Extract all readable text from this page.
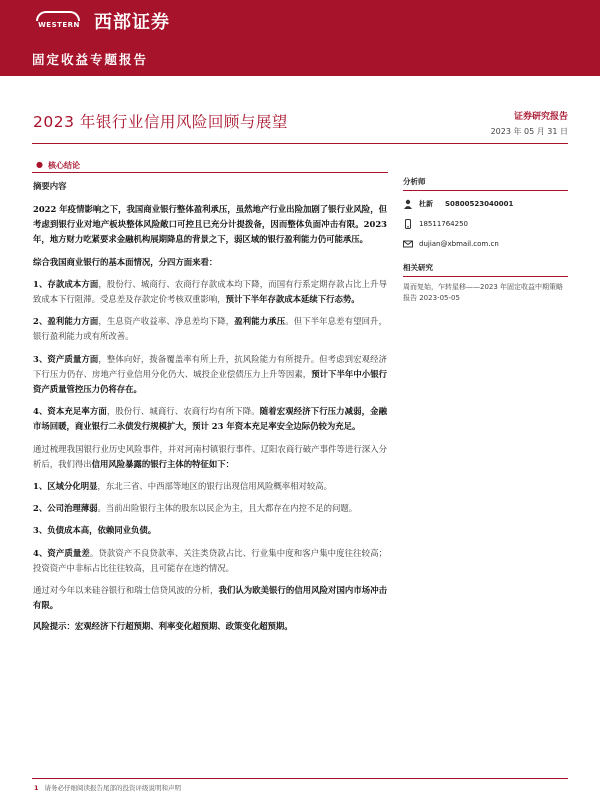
WESTERN 西部证券
固定收益专题报告
2023 年银行业信用风险回顾与展望	证券研究报告
2023 年 05 月 31 日
● 核心结论
摘要内容
2022 年疫情影响之下，我国商业银行整体盈利承压，虽然地产行业出险加剧了银行业风险，但考虑到银行业对地产板块整体风险敞口可控且已充分计提拨备，因而整体负面冲击有限。2023 年，地方财力吃紧要求金融机构展期降息的背景之下，弱区域的银行盈利能力仍可能承压。
综合我国商业银行的基本面情况，分四方面来看：
1、存款成本方面，股份行、城商行、农商行存款成本均下降，而国有行系定期存款占比上升导致成本下行阻滞。受息差及存款定价考核双重影响，预计下半年存款成本延续下行态势。
2、盈利能力方面，生息资产收益率、净息差均下降，盈利能力承压。但下半年息差有望回升，银行盈利能力或有所改善。
3、资产质量方面，整体向好，拨备覆盖率有所上升，抗风险能力有所提升。但考虑到宏观经济下行压力仍存、房地产行业信用分化仍大、城投企业偿债压力上升等因素，预计下半年中小银行资产质量管控压力仍将存在。
4、资本充足率方面，股份行、城商行、农商行均有所下降。随着宏观经济下行压力减弱，金融市场回暖，商业银行二永债发行规模扩大，预计 23 年资本充足率安全边际仍较为充足。
通过梳理我国银行业历史风险事件，并对河南村镇银行事件、辽阳农商行破产事件等进行深入分析后，我们得出信用风险暴露的银行主体的特征如下：
1、区域分化明显，东北三省、中西部等地区的银行出现信用风险概率相对较高。
2、公司治理薄弱。当前出险银行主体的股东以民企为主，且大都存在内控不足的问题。
3、负债成本高，依赖同业负债。
4、资产质量差。贷款资产不良贷款率、关注类贷款占比、行业集中度和客户集中度往往较高；投资资产中非标占比往往较高，且可能存在违约情况。
通过对今年以来硅谷银行和瑞士信贷风波的分析，我们认为欧美银行的信用风险对国内市场冲击有限。
风险提示：宏观经济下行超预期、利率变化超预期、政策变化超预期。
分析师
杜新 S0800523040001
18511764250
dujian@xbmail.com.cn
相关研究
周而复始，乍转星移——2023 年固定收益中期策略报告 2023-05-05
1 请务必仔细阅读报告尾部的投资评级说明和声明
